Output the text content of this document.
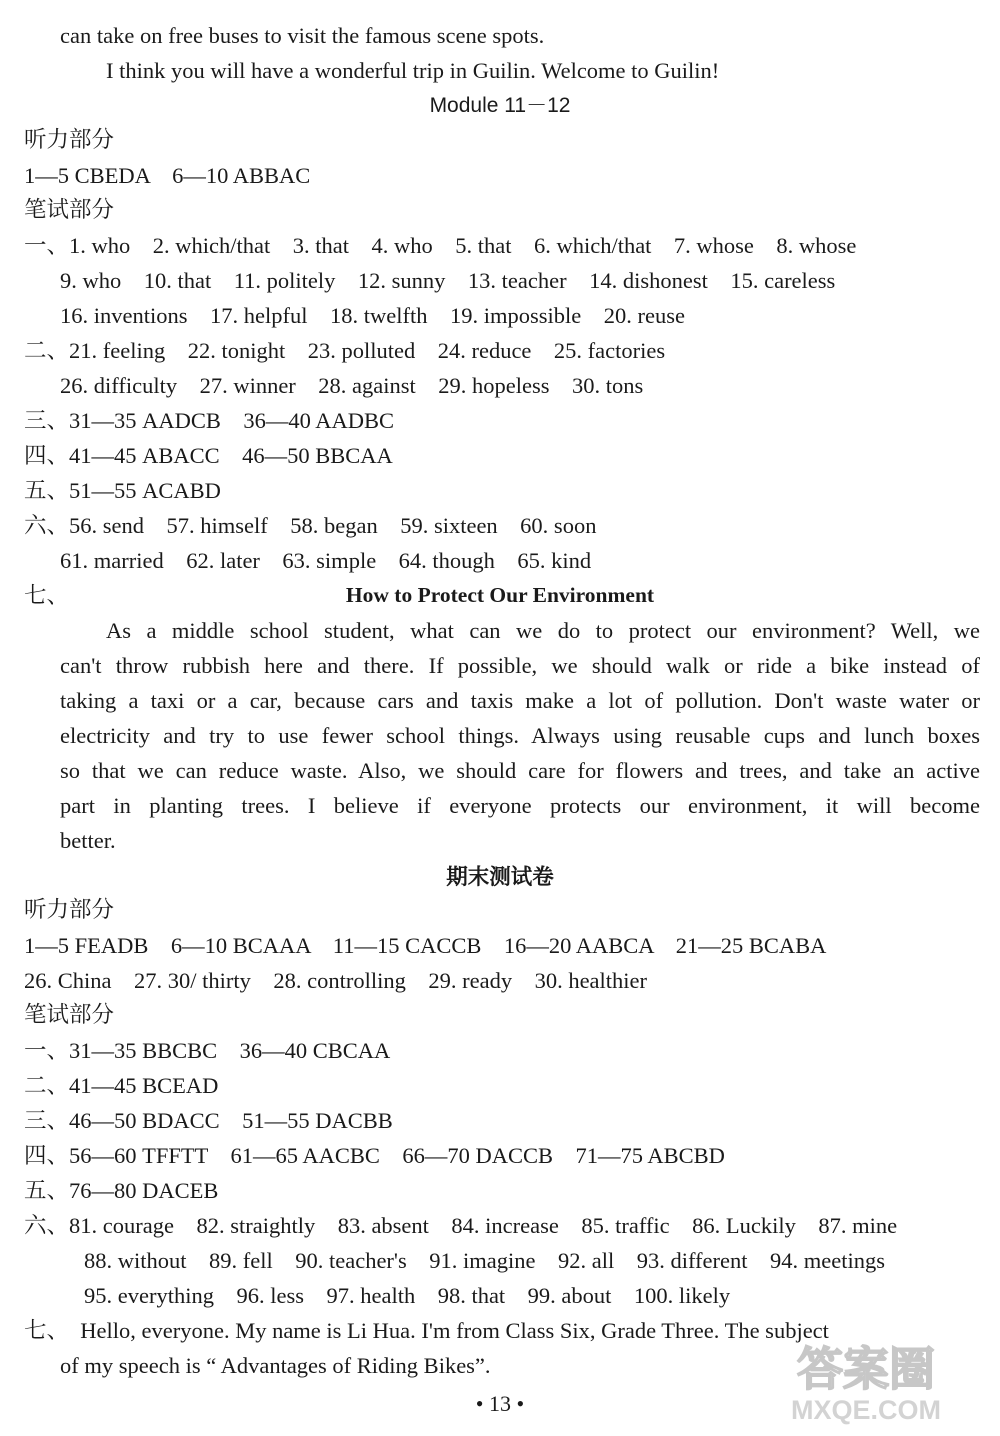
can take on free buses to visit the famous scene spots.
I think you will have a wonderful trip in Guilin. Welcome to Guilin!
Module 11－12
听力部分
1—5 CBEDA　6—10 ABBAC
笔试部分
一、1. who　2. which/that　3. that　4. who　5. that　6. which/that　7. whose　8. whose
9. who　10. that　11. politely　12. sunny　13. teacher　14. dishonest　15. careless
16. inventions　17. helpful　18. twelfth　19. impossible　20. reuse
二、21. feeling　22. tonight　23. polluted　24. reduce　25. factories
26. difficulty　27. winner　28. against　29. hopeless　30. tons
三、31—35 AADCB　36—40 AADBC
四、41—45 ABACC　46—50 BBCAA
五、51—55 ACABD
六、56. send　57. himself　58. began　59. sixteen　60. soon
61. married　62. later　63. simple　64. though　65. kind
七、	How to Protect Our Environment
As a middle school student, what can we do to protect our environment? Well, we
can't throw rubbish here and there. If possible, we should walk or ride a bike instead of
taking a taxi or a car, because cars and taxis make a lot of pollution. Don't waste water or
electricity and try to use fewer school things. Always using reusable cups and lunch boxes
so that we can reduce waste. Also, we should care for flowers and trees, and take an active
part in planting trees. I believe if everyone protects our environment, it will become
better.
期末测试卷
听力部分
1—5 FEADB　6—10 BCAAA　11—15 CACCB　16—20 AABCA　21—25 BCABA
26. China　27. 30/ thirty　28. controlling　29. ready　30. healthier
笔试部分
一、31—35 BBCBC　36—40 CBCAA
二、41—45 BCEAD
三、46—50 BDACC　51—55 DACBB
四、56—60 TFFTT　61—65 AACBC　66—70 DACCB　71—75 ABCBD
五、76—80 DACEB
六、81. courage　82. straightly　83. absent　84. increase　85. traffic　86. Luckily　87. mine
88. without　89. fell　90. teacher's　91. imagine　92. all　93. different　94. meetings
95. everything　96. less　97. health　98. that　99. about　100. likely
七、　Hello, everyone. My name is Li Hua. I'm from Class Six, Grade Three. The subject
of my speech is “ Advantages of Riding Bikes”.
• 13 •
答案圈
MXQE.COM
